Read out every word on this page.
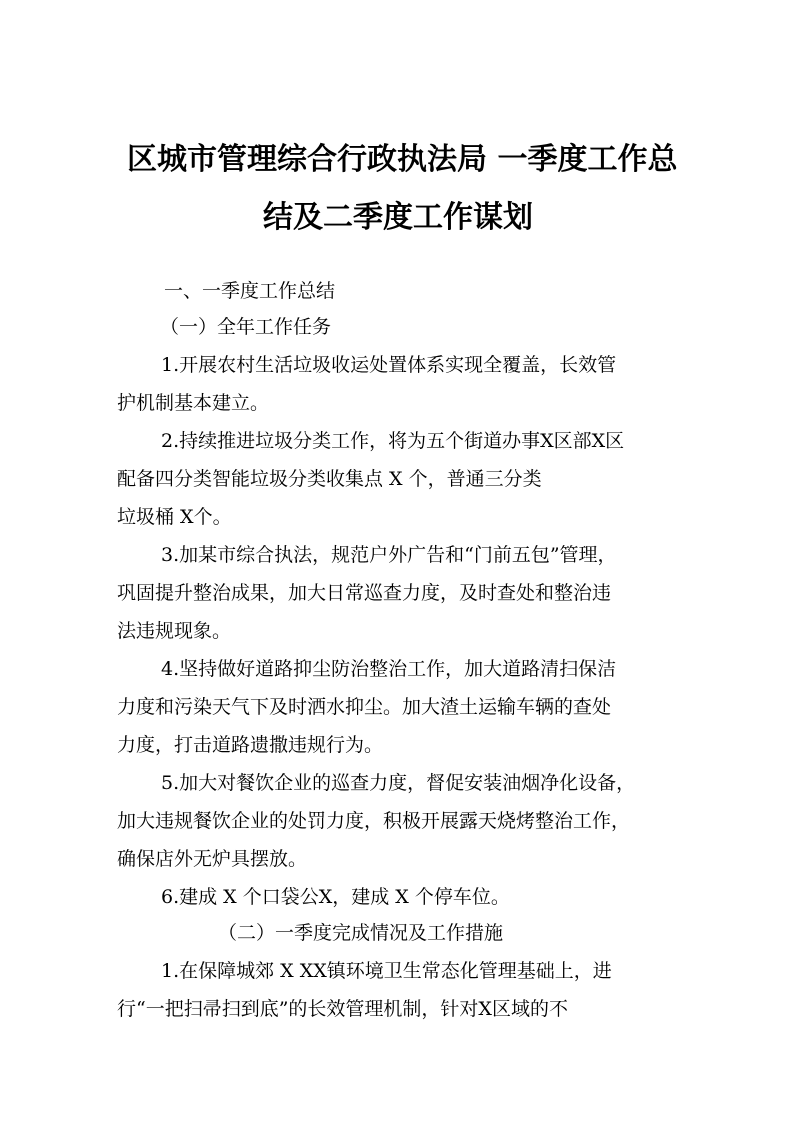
区城市管理综合行政执法局 一季度工作总
结及二季度工作谋划
一、一季度工作总结
（一）全年工作任务
1.开展农村生活垃圾收运处置体系实现全覆盖，长效管
护机制基本建立。
2.持续推进垃圾分类工作，将为五个街道办事X区部X区
配备四分类智能垃圾分类收集点 X 个，普通三分类
垃圾桶 X个。
3.加某市综合执法，规范户外广告和“门前五包”管理，
巩固提升整治成果，加大日常巡查力度，及时查处和整治违
法违规现象。
4.坚持做好道路抑尘防治整治工作，加大道路清扫保洁
力度和污染天气下及时洒水抑尘。加大渣土运输车辆的查处
力度，打击道路遗撒违规行为。
5.加大对餐饮企业的巡查力度，督促安装油烟净化设备，
加大违规餐饮企业的处罚力度，积极开展露天烧烤整治工作，
确保店外无炉具摆放。
6.建成 X 个口袋公X，建成 X 个停车位。
（二）一季度完成情况及工作措施
1.在保障城郊 X XX镇环境卫生常态化管理基础上，进
行“一把扫帚扫到底”的长效管理机制，针对X区域的不
